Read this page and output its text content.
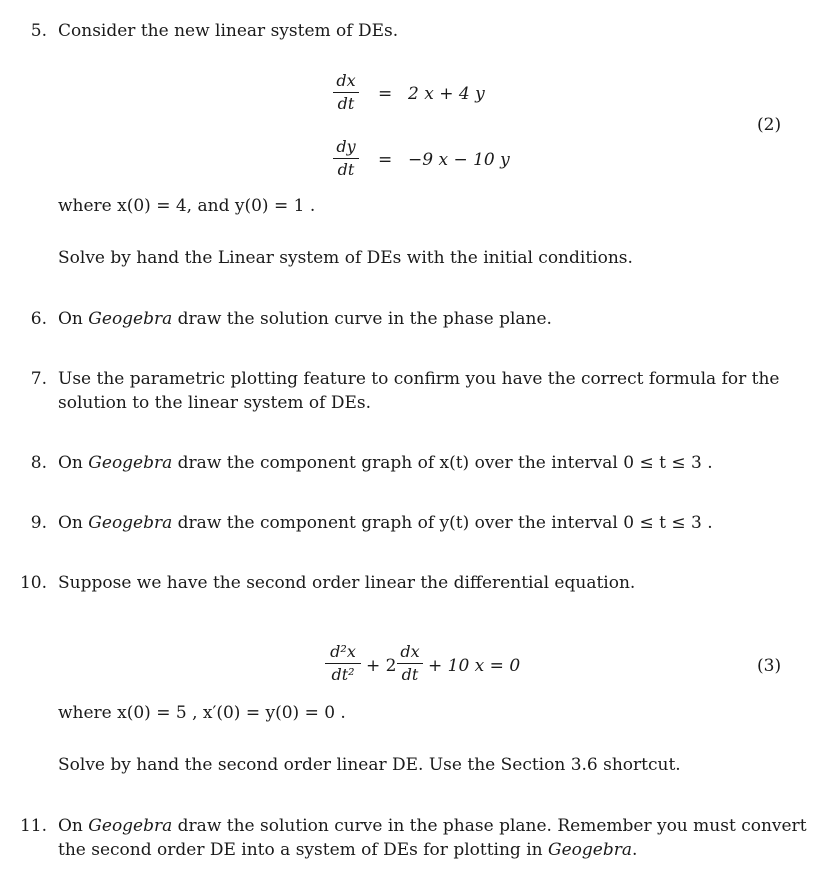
5. Consider the new linear system of DEs.
dx
dt = 2 x + 4 y
(2)
dy
dt = −9 x − 10 y
where x(0) = 4, and y(0) = 1 .
Solve by hand the Linear system of DEs with the initial conditions.
6. On Geogebra draw the solution curve in the phase plane.
7. Use the parametric plotting feature to confirm you have the correct formula for the
solution to the linear system of DEs.
8. On Geogebra draw the component graph of x(t) over the interval 0 ≤ t ≤ 3 .
9. On Geogebra draw the component graph of y(t) over the interval 0 ≤ t ≤ 3 .
10. Suppose we have the second order linear the differential equation.
d²x
dt² + 2
dx
dt + 10 x = 0	(3)
where x(0) = 5 , x′(0) = y(0) = 0 .
Solve by hand the second order linear DE. Use the Section 3.6 shortcut.
11. On Geogebra draw the solution curve in the phase plane. Remember you must convert
the second order DE into a system of DEs for plotting in Geogebra.
